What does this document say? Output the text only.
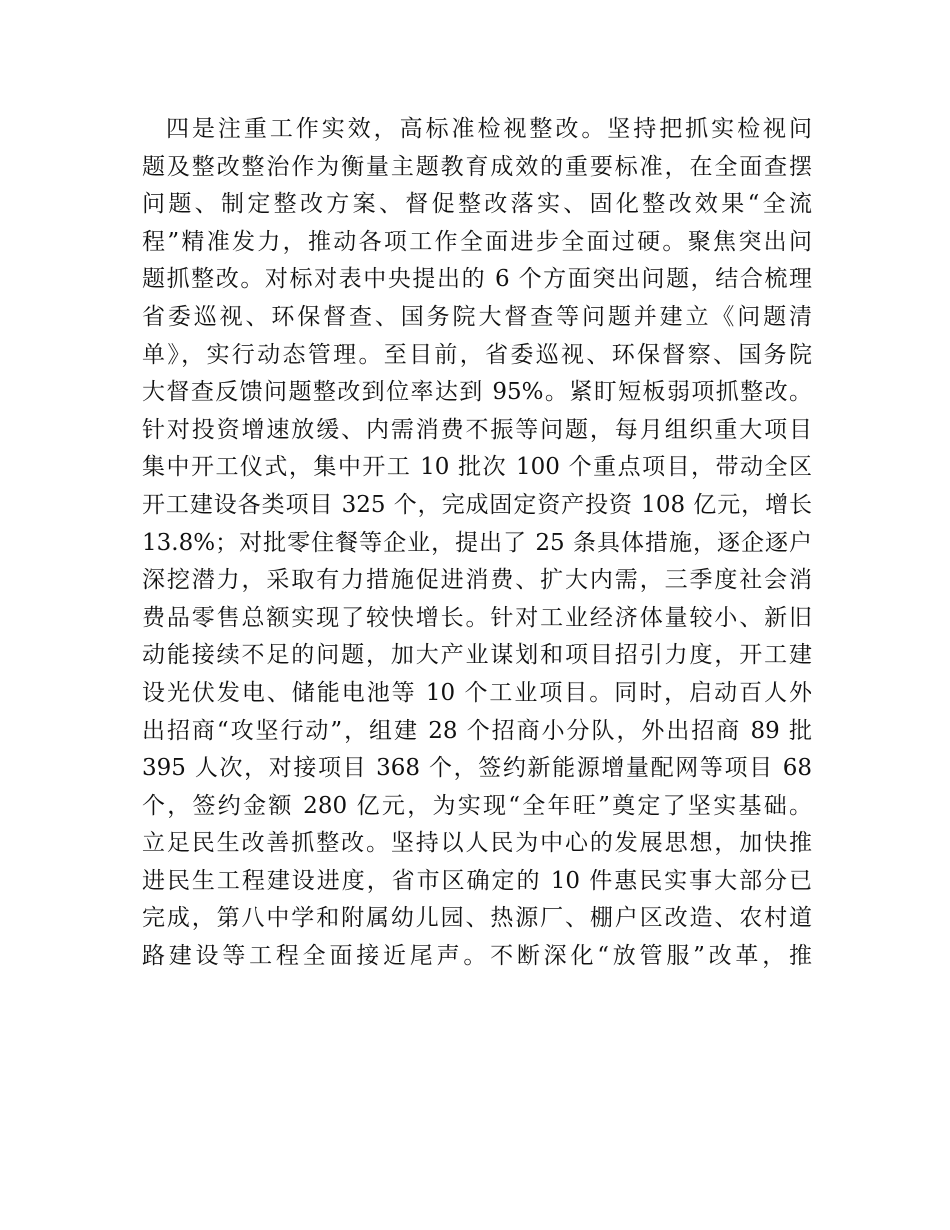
四是注重工作实效，高标准检视整改。坚持把抓实检视问
题及整改整治作为衡量主题教育成效的重要标准，在全面查摆
问题、制定整改方案、督促整改落实、固化整改效果“全流
程”精准发力，推动各项工作全面进步全面过硬。聚焦突出问
题抓整改。对标对表中央提出的 6 个方面突出问题，结合梳理
省委巡视、环保督查、国务院大督查等问题并建立《问题清
单》，实行动态管理。至目前，省委巡视、环保督察、国务院
大督查反馈问题整改到位率达到 95%。紧盯短板弱项抓整改。
针对投资增速放缓、内需消费不振等问题，每月组织重大项目
集中开工仪式，集中开工 10 批次 100 个重点项目，带动全区
开工建设各类项目 325 个，完成固定资产投资 108 亿元，增长
13.8%；对批零住餐等企业，提出了 25 条具体措施，逐企逐户
深挖潜力，采取有力措施促进消费、扩大内需，三季度社会消
费品零售总额实现了较快增长。针对工业经济体量较小、新旧
动能接续不足的问题，加大产业谋划和项目招引力度，开工建
设光伏发电、储能电池等 10 个工业项目。同时，启动百人外
出招商“攻坚行动”，组建 28 个招商小分队，外出招商 89 批
395 人次，对接项目 368 个，签约新能源增量配网等项目 68
个，签约金额 280 亿元，为实现“全年旺”奠定了坚实基础。
立足民生改善抓整改。坚持以人民为中心的发展思想，加快推
进民生工程建设进度，省市区确定的 10 件惠民实事大部分已
完成，第八中学和附属幼儿园、热源厂、棚户区改造、农村道
路建设等工程全面接近尾声。不断深化“放管服”改革，推
